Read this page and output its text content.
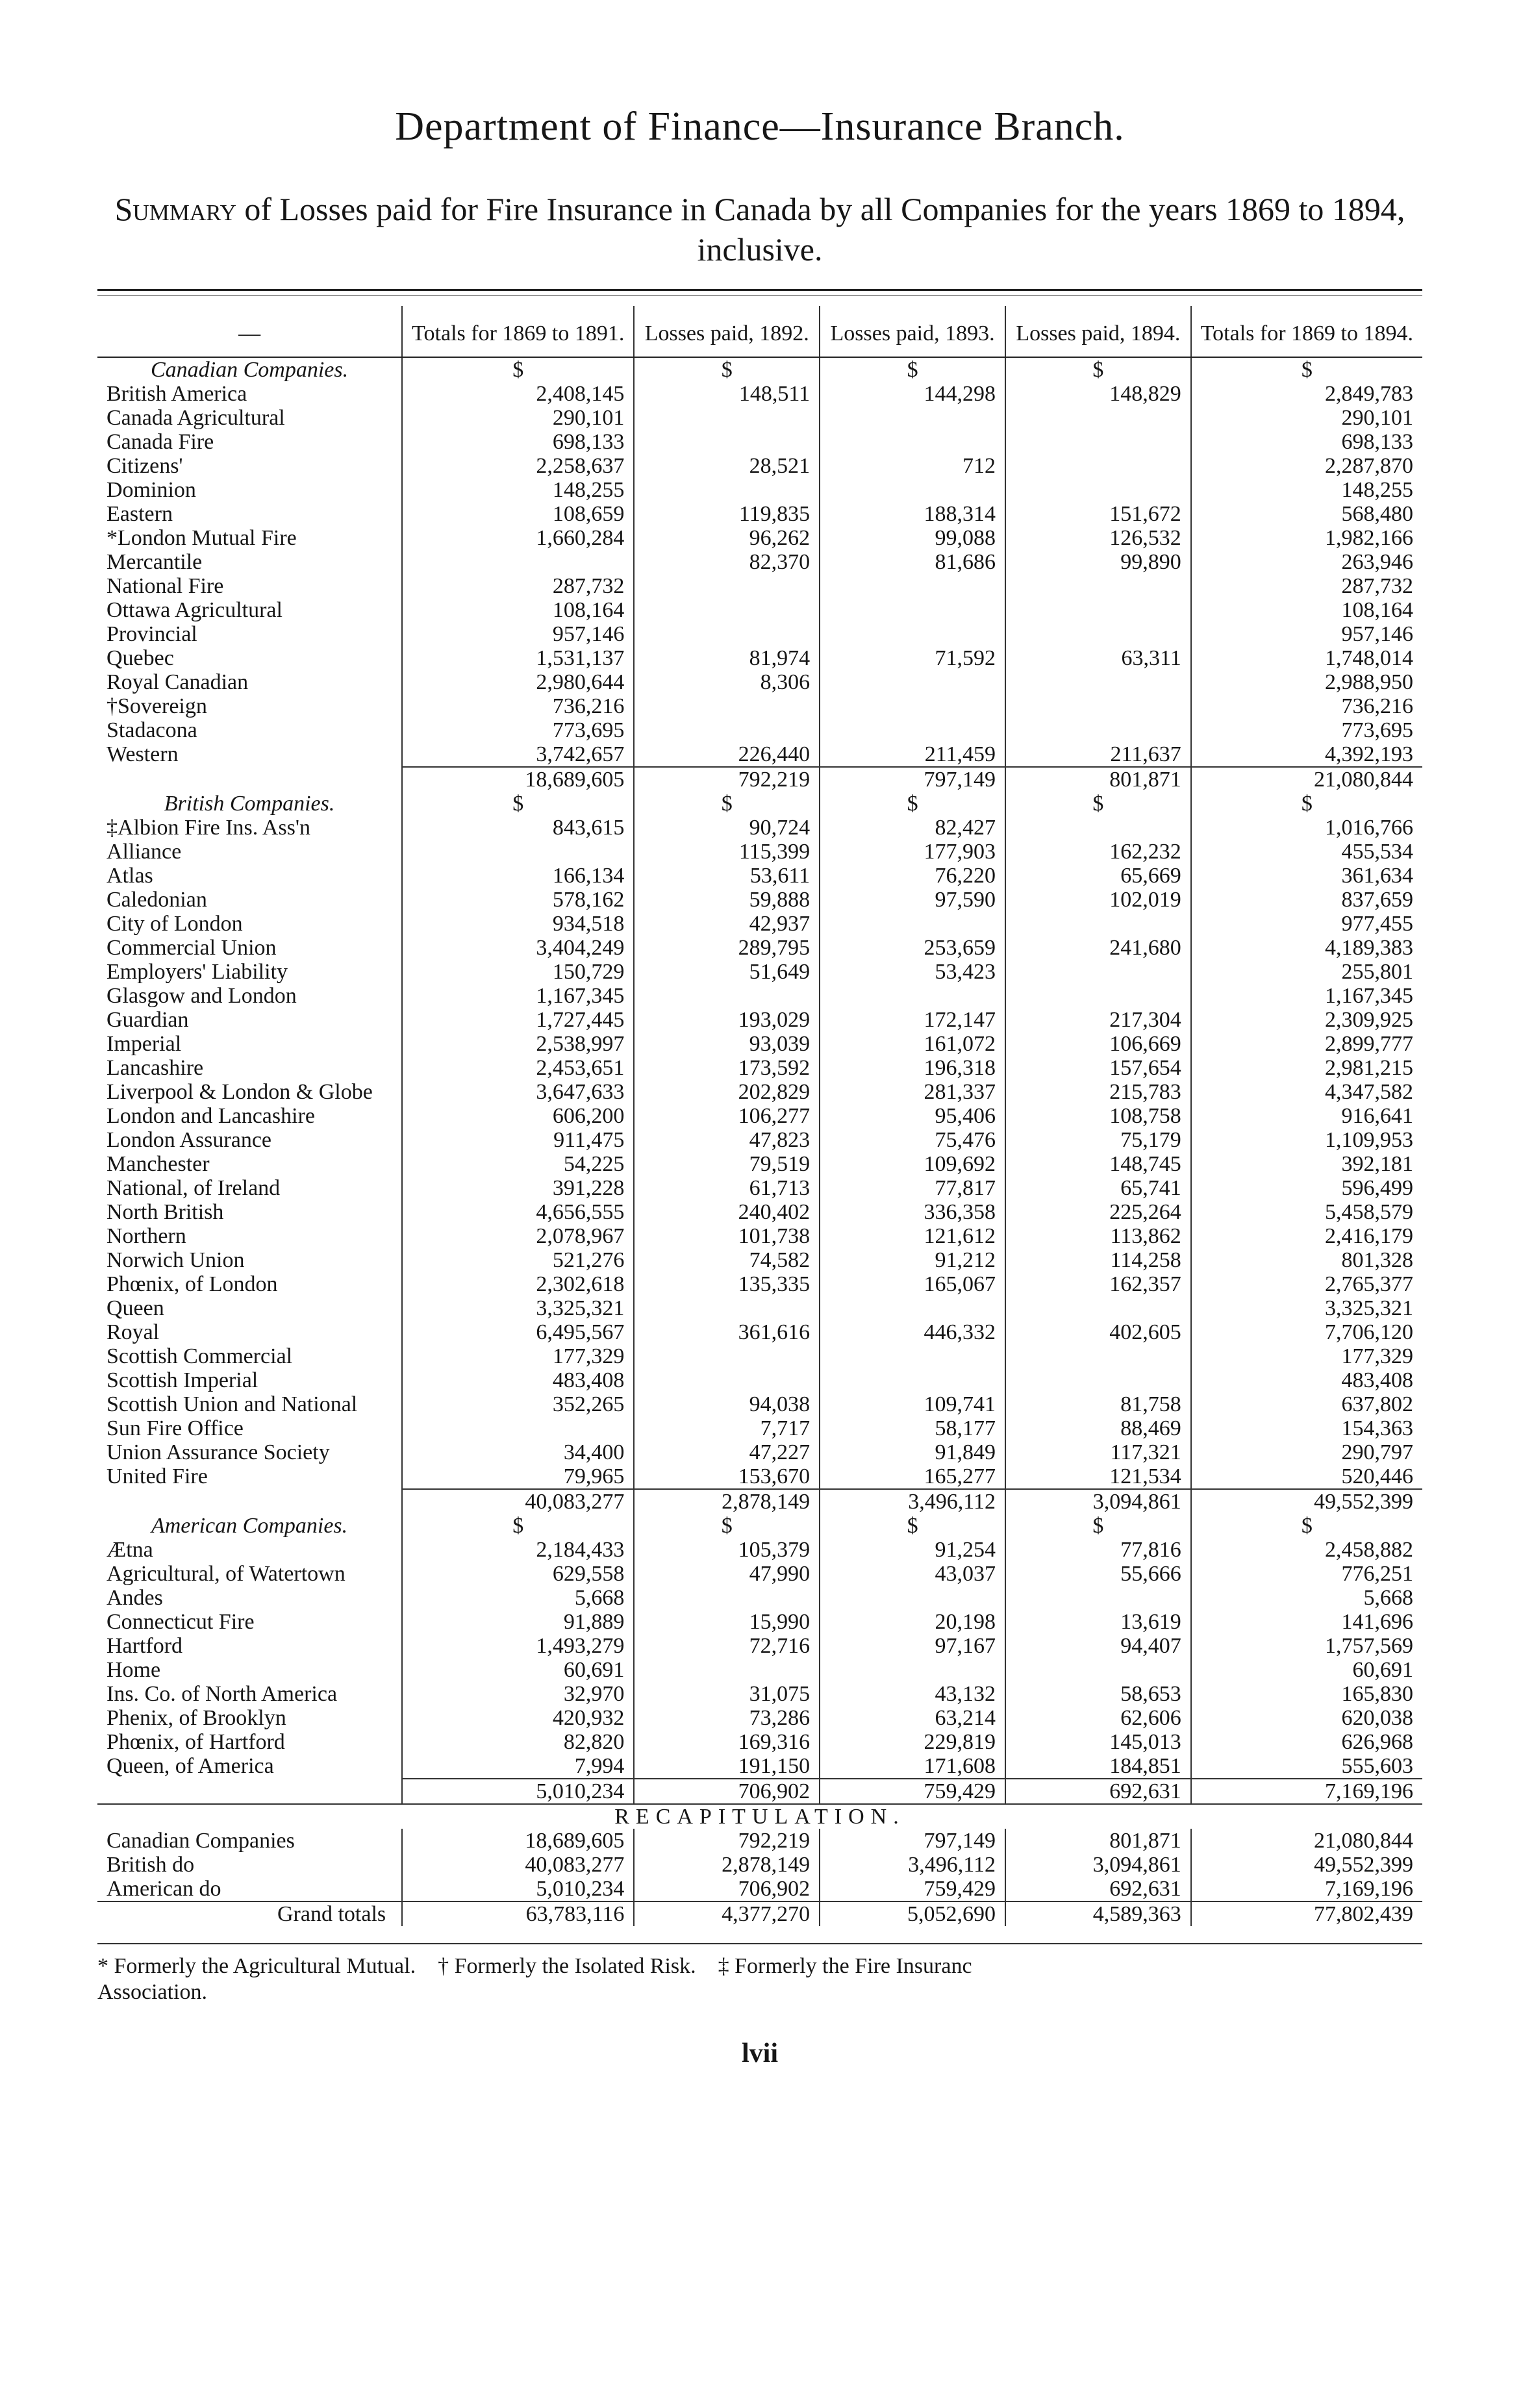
Department of Finance—Insurance Branch.
Summary of Losses paid for Fire Insurance in Canada by all Companies for the years 1869 to 1894, inclusive.
—	Totals for 1869 to 1891.	Losses paid, 1892.	Losses paid, 1893.	Losses paid, 1894.	Totals for 1869 to 1894.
Canadian Companies.	$	$	$	$	$
British America	2,408,145	148,511	144,298	148,829	2,849,783
Canada Agricultural	290,101				290,101
Canada Fire	698,133				698,133
Citizens'	2,258,637	28,521	712		2,287,870
Dominion	148,255				148,255
Eastern	108,659	119,835	188,314	151,672	568,480
*London Mutual Fire	1,660,284	96,262	99,088	126,532	1,982,166
Mercantile		82,370	81,686	99,890	263,946
National Fire	287,732				287,732
Ottawa Agricultural	108,164				108,164
Provincial	957,146				957,146
Quebec	1,531,137	81,974	71,592	63,311	1,748,014
Royal Canadian	2,980,644	8,306			2,988,950
†Sovereign	736,216				736,216
Stadacona	773,695				773,695
Western	3,742,657	226,440	211,459	211,637	4,392,193
	18,689,605	792,219	797,149	801,871	21,080,844
British Companies.	$	$	$	$	$
‡Albion Fire Ins. Ass'n	843,615	90,724	82,427		1,016,766
Alliance		115,399	177,903	162,232	455,534
Atlas	166,134	53,611	76,220	65,669	361,634
Caledonian	578,162	59,888	97,590	102,019	837,659
City of London	934,518	42,937			977,455
Commercial Union	3,404,249	289,795	253,659	241,680	4,189,383
Employers' Liability	150,729	51,649	53,423		255,801
Glasgow and London	1,167,345				1,167,345
Guardian	1,727,445	193,029	172,147	217,304	2,309,925
Imperial	2,538,997	93,039	161,072	106,669	2,899,777
Lancashire	2,453,651	173,592	196,318	157,654	2,981,215
Liverpool & London & Globe	3,647,633	202,829	281,337	215,783	4,347,582
London and Lancashire	606,200	106,277	95,406	108,758	916,641
London Assurance	911,475	47,823	75,476	75,179	1,109,953
Manchester	54,225	79,519	109,692	148,745	392,181
National, of Ireland	391,228	61,713	77,817	65,741	596,499
North British	4,656,555	240,402	336,358	225,264	5,458,579
Northern	2,078,967	101,738	121,612	113,862	2,416,179
Norwich Union	521,276	74,582	91,212	114,258	801,328
Phœnix, of London	2,302,618	135,335	165,067	162,357	2,765,377
Queen	3,325,321				3,325,321
Royal	6,495,567	361,616	446,332	402,605	7,706,120
Scottish Commercial	177,329				177,329
Scottish Imperial	483,408				483,408
Scottish Union and National	352,265	94,038	109,741	81,758	637,802
Sun Fire Office		7,717	58,177	88,469	154,363
Union Assurance Society	34,400	47,227	91,849	117,321	290,797
United Fire	79,965	153,670	165,277	121,534	520,446
	40,083,277	2,878,149	3,496,112	3,094,861	49,552,399
American Companies.	$	$	$	$	$
Ætna	2,184,433	105,379	91,254	77,816	2,458,882
Agricultural, of Watertown	629,558	47,990	43,037	55,666	776,251
Andes	5,668				5,668
Connecticut Fire	91,889	15,990	20,198	13,619	141,696
Hartford	1,493,279	72,716	97,167	94,407	1,757,569
Home	60,691				60,691
Ins. Co. of North America	32,970	31,075	43,132	58,653	165,830
Phenix, of Brooklyn	420,932	73,286	63,214	62,606	620,038
Phœnix, of Hartford	82,820	169,316	229,819	145,013	626,968
Queen, of America	7,994	191,150	171,608	184,851	555,603
	5,010,234	706,902	759,429	692,631	7,169,196
RECAPITULATION.					
Canadian Companies	18,689,605	792,219	797,149	801,871	21,080,844
British do	40,083,277	2,878,149	3,496,112	3,094,861	49,552,399
American do	5,010,234	706,902	759,429	692,631	7,169,196
Grand totals	63,783,116	4,377,270	5,052,690	4,589,363	77,802,439
* Formerly the Agricultural Mutual. † Formerly the Isolated Risk. ‡ Formerly the Fire Insuranc
Association.
lvii
